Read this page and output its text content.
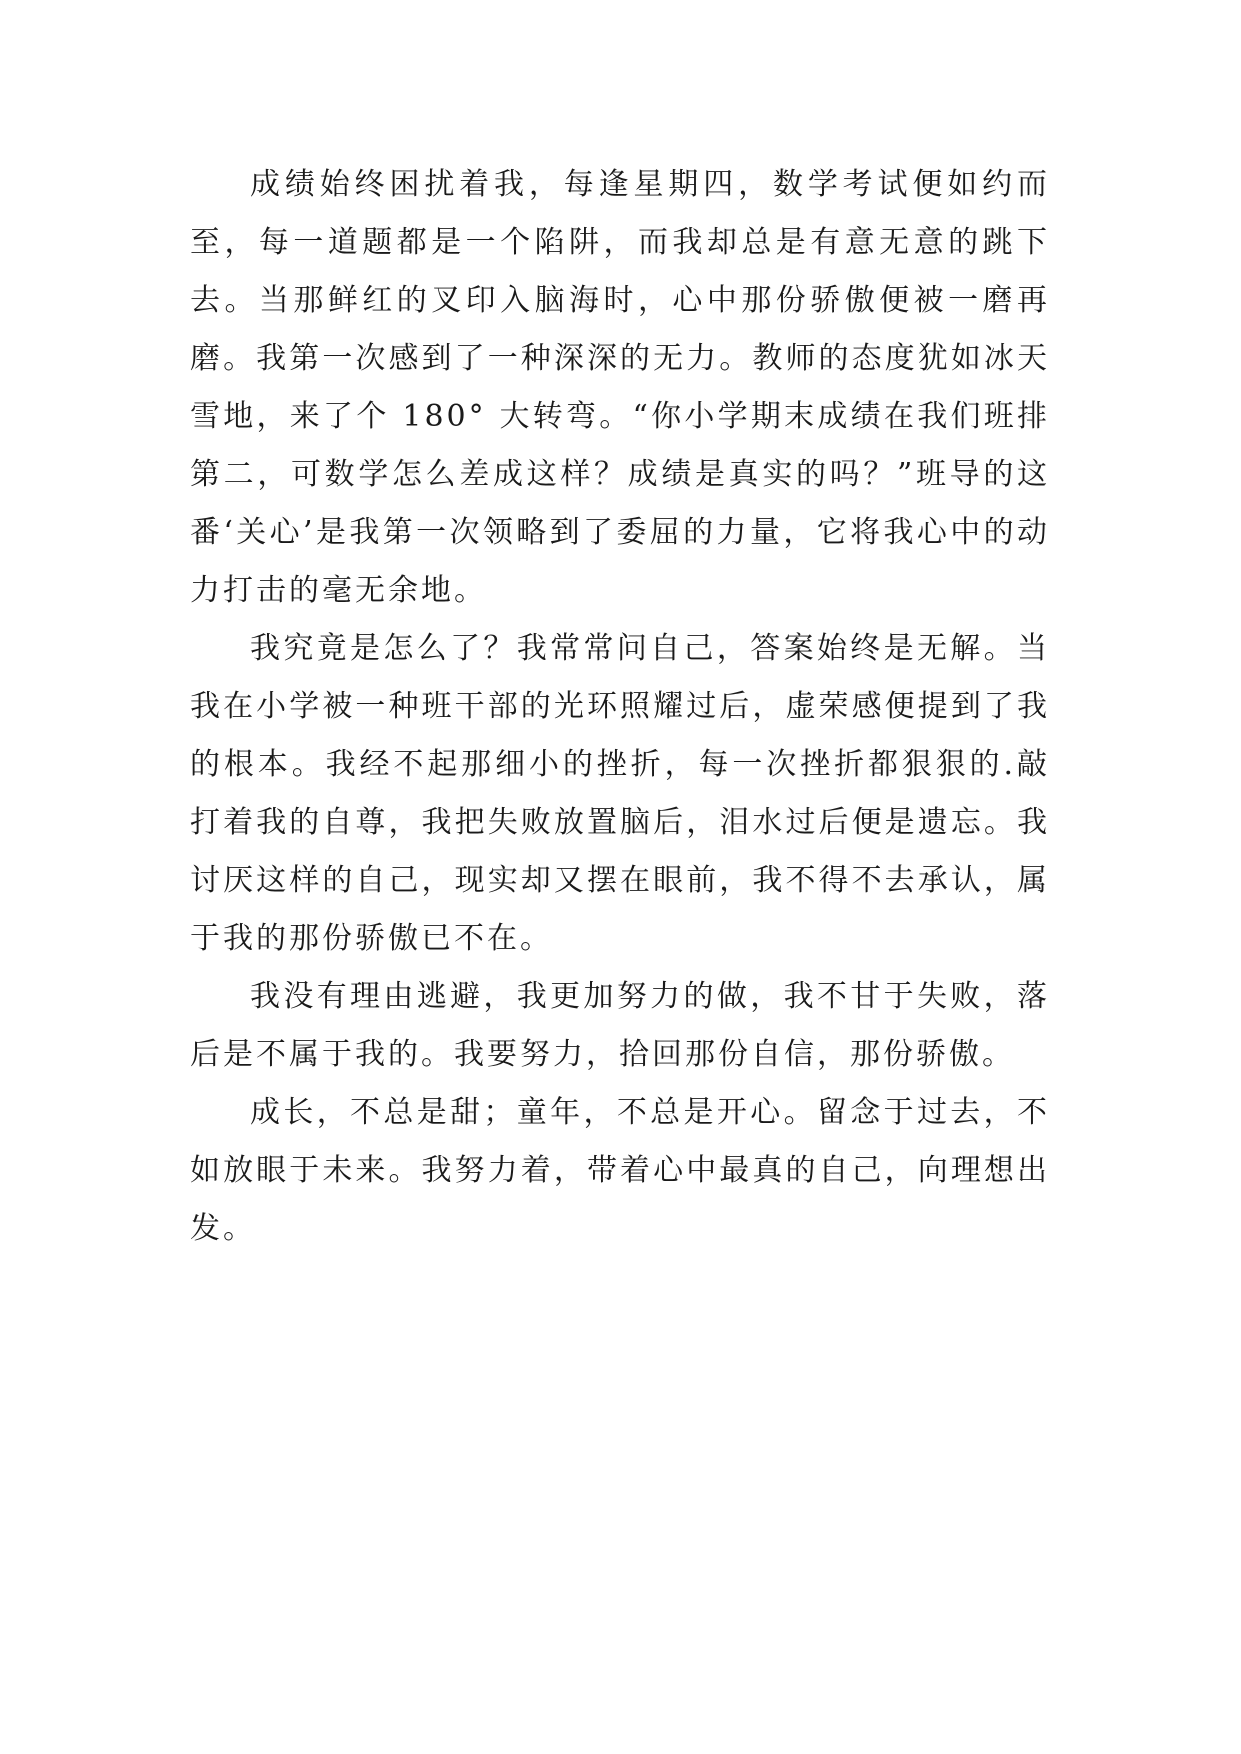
成绩始终困扰着我，每逢星期四，数学考试便如约而至，每一道题都是一个陷阱，而我却总是有意无意的跳下去。当那鲜红的叉印入脑海时，心中那份骄傲便被一磨再磨。我第一次感到了一种深深的无力。教师的态度犹如冰天雪地，来了个 180° 大转弯。“你小学期末成绩在我们班排第二，可数学怎么差成这样？成绩是真实的吗？”班导的这番‘关心’是我第一次领略到了委屈的力量，它将我心中的动力打击的毫无余地。

我究竟是怎么了？我常常问自己，答案始终是无解。当我在小学被一种班干部的光环照耀过后，虚荣感便提到了我的根本。我经不起那细小的挫折，每一次挫折都狠狠的.敲打着我的自尊，我把失败放置脑后，泪水过后便是遗忘。我讨厌这样的自己，现实却又摆在眼前，我不得不去承认，属于我的那份骄傲已不在。

我没有理由逃避，我更加努力的做，我不甘于失败，落后是不属于我的。我要努力，拾回那份自信，那份骄傲。

成长，不总是甜；童年，不总是开心。留念于过去，不如放眼于未来。我努力着，带着心中最真的自己，向理想出发。
